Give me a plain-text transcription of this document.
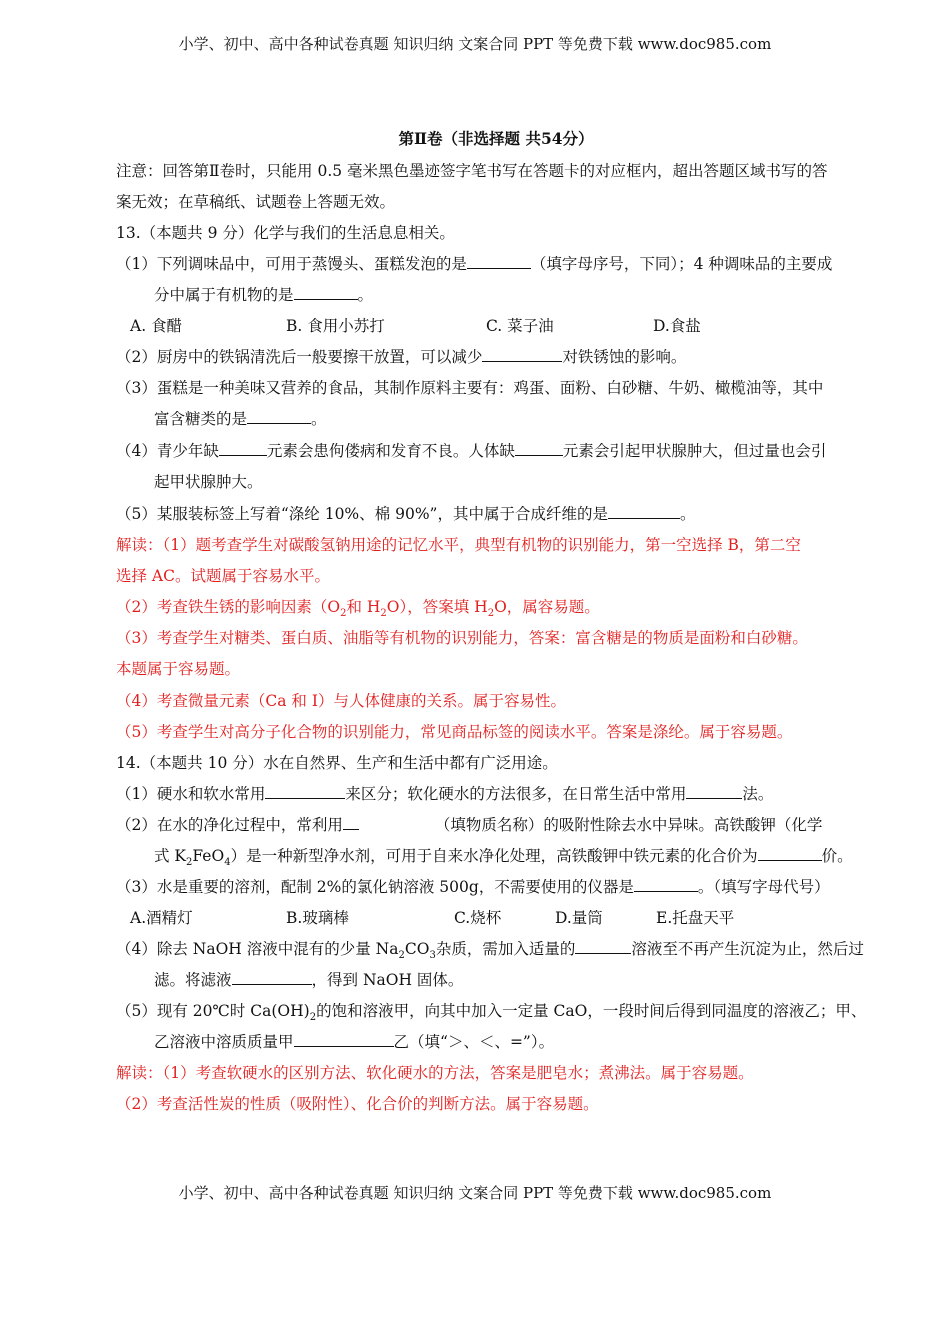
小学、初中、高中各种试卷真题 知识归纳 文案合同 PPT 等免费下载 www.doc985.com
第Ⅱ卷（非选择题 共54分）
注意：回答第Ⅱ卷时，只能用 0.5 毫米黑色墨迹签字笔书写在答题卡的对应框内，超出答题区域书写的答
案无效；在草稿纸、试题卷上答题无效。
13.（本题共 9 分）化学与我们的生活息息相关。
（1）下列调味品中，可用于蒸馒头、蛋糕发泡的是	（填字母序号，下同）；4 种调味品的主要成
分中属于有机物的是	。
A. 食醋	B. 食用小苏打	C. 菜子油	D.食盐
（2）厨房中的铁锅清洗后一般要擦干放置，可以减少	对铁锈蚀的影响。
（3）蛋糕是一种美味又营养的食品，其制作原料主要有：鸡蛋、面粉、白砂糖、牛奶、橄榄油等，其中
富含糖类的是	。
（4）青少年缺	元素会患佝偻病和发育不良。人体缺	元素会引起甲状腺肿大，但过量也会引
起甲状腺肿大。
（5）某服装标签上写着“涤纶 10%、棉 90%”，其中属于合成纤维的是	。
解读：（1）题考查学生对碳酸氢钠用途的记忆水平，典型有机物的识别能力，第一空选择 B，第二空
选择 AC。试题属于容易水平。
（2）考查铁生锈的影响因素（$O_2$和 $H_2O$），答案填 $H_2O$，属容易题。
（3）考查学生对糖类、蛋白质、油脂等有机物的识别能力，答案：富含糖是的物质是面粉和白砂糖。
本题属于容易题。
（4）考查微量元素（Ca 和 I）与人体健康的关系。属于容易性。
（5）考查学生对高分子化合物的识别能力，常见商品标签的阅读水平。答案是涤纶。属于容易题。
14.（本题共 10 分）水在自然界、生产和生活中都有广泛用途。
（1）硬水和软水常用	来区分；软化硬水的方法很多，在日常生活中常用	法。
（2）在水的净化过程中，常利用	（填物质名称）的吸附性除去水中异味。高铁酸钾（化学
式 $K_2FeO_4$）是一种新型净水剂，可用于自来水净化处理，高铁酸钾中铁元素的化合价为	价。
（3）水是重要的溶剂，配制 2%的氯化钠溶液 500g，不需要使用的仪器是	。（填写字母代号）
A.酒精灯	B.玻璃棒	C.烧杯	D.量筒	E.托盘天平
（4）除去 NaOH 溶液中混有的少量 $Na_2CO_3$杂质，需加入适量的	溶液至不再产生沉淀为止，然后过
滤。将滤液	，得到 NaOH 固体。
（5）现有 20℃时 $Ca(OH)_2$的饱和溶液甲，向其中加入一定量 CaO，一段时间后得到同温度的溶液乙；甲、
乙溶液中溶质质量甲	乙（填“＞、＜、=”）。
解读：（1）考查软硬水的区别方法、软化硬水的方法，答案是肥皂水；煮沸法。属于容易题。
（2）考查活性炭的性质（吸附性）、化合价的判断方法。属于容易题。
小学、初中、高中各种试卷真题 知识归纳 文案合同 PPT 等免费下载 www.doc985.com
